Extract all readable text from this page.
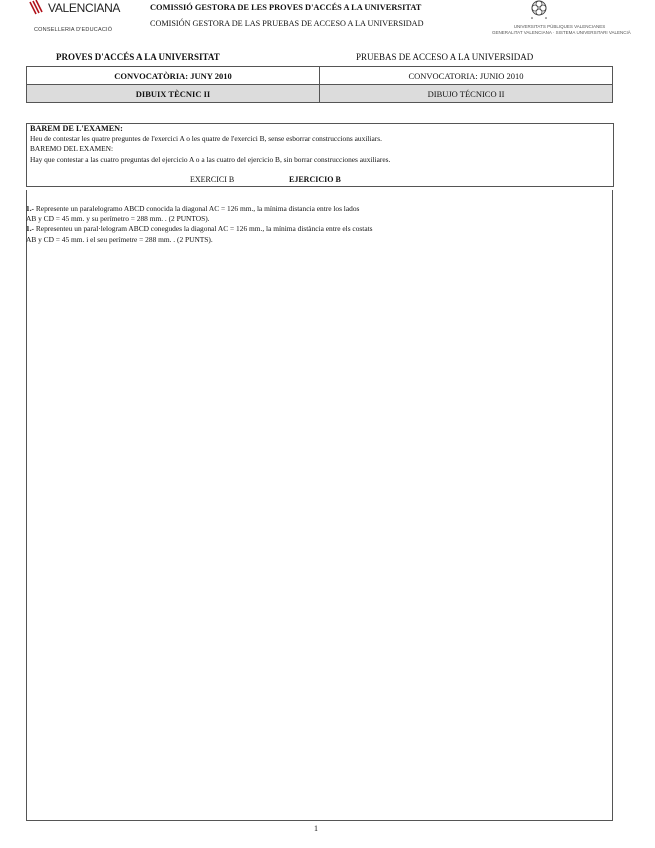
VALENCIANA
CONSELLERIA D'EDUCACIÓ
UNIVERSITATS PÚBLIQUES VALENCIANES
GENERALITAT VALENCIANA · SISTEMA UNIVERSITARI VALENCIÀ
COMISSIÓ GESTORA DE LES PROVES D'ACCÉS A LA UNIVERSITAT
COMISIÓN GESTORA DE LAS PRUEBAS DE ACCESO A LA UNIVERSIDAD
PROVES D'ACCÉS A LA UNIVERSITAT	PRUEBAS DE ACCESO A LA UNIVERSIDAD
CONVOCATÒRIA: JUNY 2010	CONVOCATORIA: JUNIO 2010
DIBUIX TÈCNIC II	DIBUJO TÉCNICO II
BAREM DE L'EXAMEN:
Heu de contestar les quatre preguntes de l'exercici A o les quatre de l'exercici B, sense esborrar construccions auxiliars.
BAREMO DEL EXAMEN:
Hay que contestar a las cuatro preguntas del ejercicio A o a las cuatro del ejercicio B, sin borrar construcciones auxiliares.
EXERCICI B	EJERCICIO B
1.- Represente un paralelogramo ABCD conocida la diagonal AC = 126 mm., la mínima distancia entre los lados
AB y CD = 45 mm. y su perímetro = 288 mm. . (2 PUNTOS).
1.- Representeu un paral·lelogram ABCD conegudes la diagonal AC = 126 mm., la mínima distància entre els costats
AB y CD = 45 mm. i el seu perímetre = 288 mm. . (2 PUNTS).
1
